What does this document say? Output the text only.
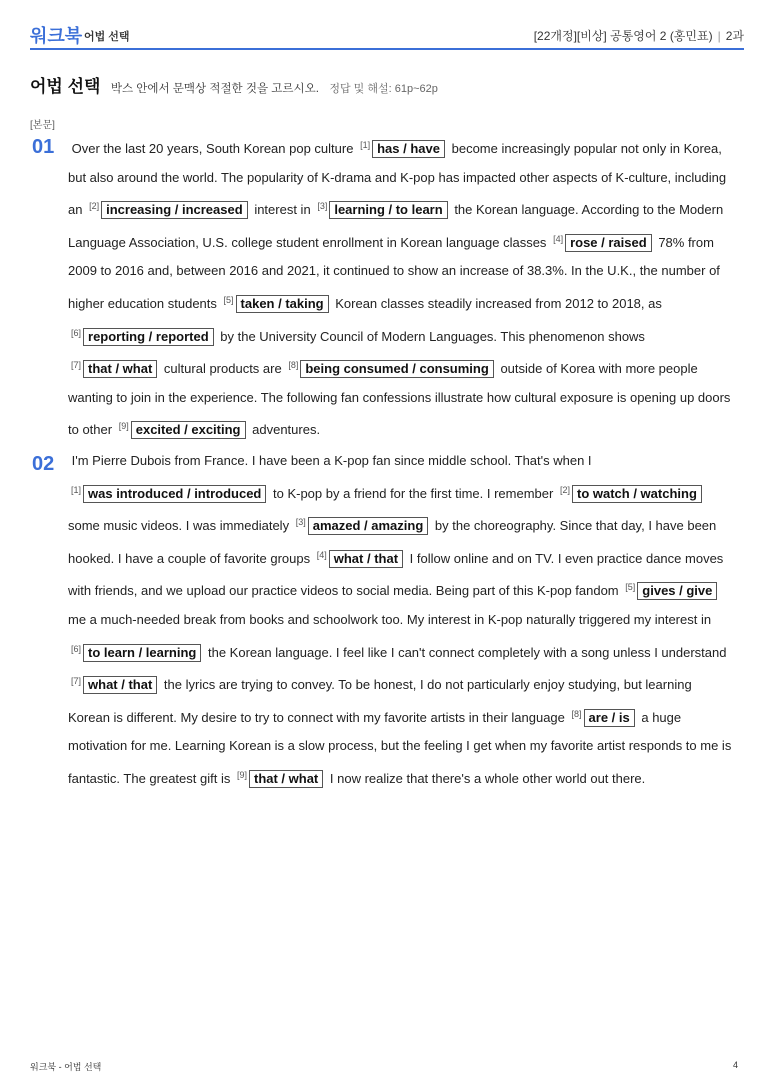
워크북 어법 선택	[22개정][비상] 공통영어 2 (홍민표) | 2과
어법 선택 박스 안에서 문맥상 적절한 것을 고르시오. 정답 및 해설: 61p~62p
[본문]
01 Over the last 20 years, South Korean pop culture [1] has / have become increasingly popular not only in Korea, but also around the world. The popularity of K-drama and K-pop has impacted other aspects of K-culture, including an [2] increasing / increased interest in [3] learning / to learn the Korean language. According to the Modern Language Association, U.S. college student enrollment in Korean language classes [4] rose / raised 78% from 2009 to 2016 and, between 2016 and 2021, it continued to show an increase of 38.3%. In the U.K., the number of higher education students [5] taken / taking Korean classes steadily increased from 2012 to 2018, as [6] reporting / reported by the University Council of Modern Languages. This phenomenon shows [7] that / what cultural products are [8] being consumed / consuming outside of Korea with more people wanting to join in the experience. The following fan confessions illustrate how cultural exposure is opening up doors to other [9] excited / exciting adventures.

02 I'm Pierre Dubois from France. I have been a K-pop fan since middle school. That's when I [1] was introduced / introduced to K-pop by a friend for the first time. I remember [2] to watch / watching some music videos. I was immediately [3] amazed / amazing by the choreography. Since that day, I have been hooked. I have a couple of favorite groups [4] what / that I follow online and on TV. I even practice dance moves with friends, and we upload our practice videos to social media. Being part of this K-pop fandom [5] gives / give me a much-needed break from books and schoolwork too. My interest in K-pop naturally triggered my interest in [6] to learn / learning the Korean language. I feel like I can't connect completely with a song unless I understand [7] what / that the lyrics are trying to convey. To be honest, I do not particularly enjoy studying, but learning Korean is different. My desire to try to connect with my favorite artists in their language [8] are / is a huge motivation for me. Learning Korean is a slow process, but the feeling I get when my favorite artist responds to me is fantastic. The greatest gift is [9] that / what I now realize that there's a whole other world out there.

워크북 - 어법 선택	4
